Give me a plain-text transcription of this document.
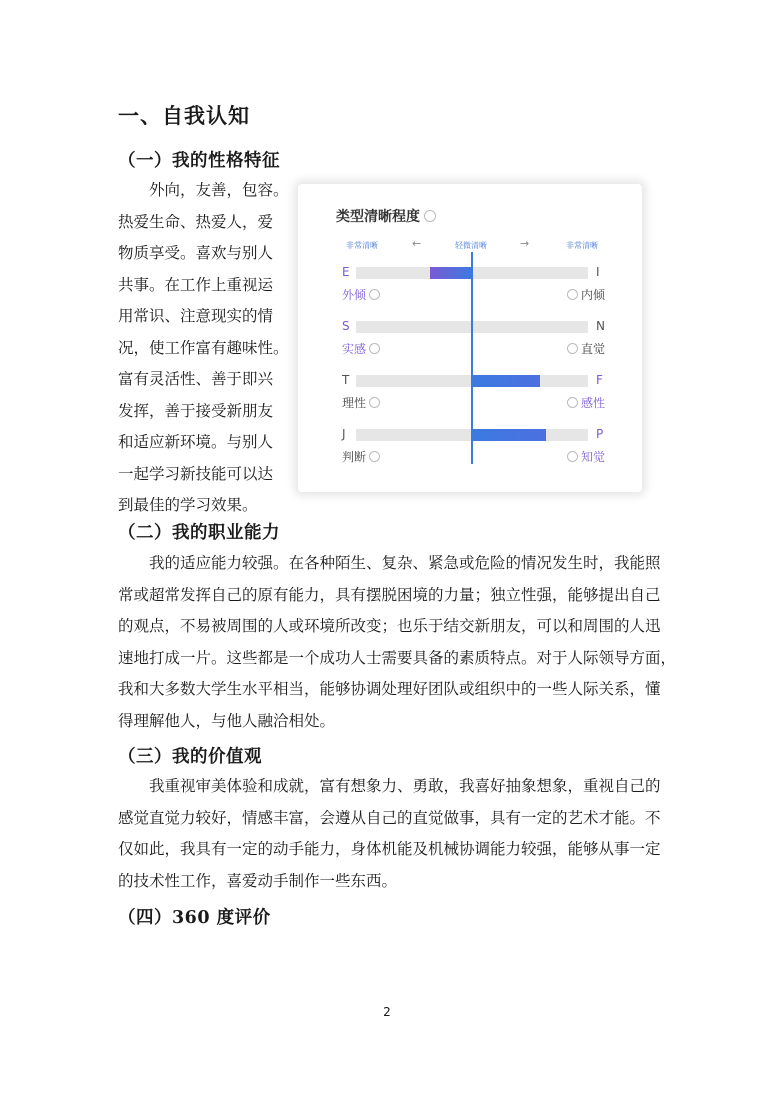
一、自我认知
（一）我的性格特征
外向，友善，包容。
热爱生命、热爱人，爱
物质享受。喜欢与别人
共事。在工作上重视运
用常识、注意现实的情
况，使工作富有趣味性。
富有灵活性、善于即兴
发挥，善于接受新朋友
和适应新环境。与别人
一起学习新技能可以达
到最佳的学习效果。
类型清晰程度
非常清晰	←	轻微清晰	→	非常清晰
E	I
外倾	内倾
S	N
实感	直觉
T	F
理性	感性
J	P
判断	知觉
（二）我的职业能力
我的适应能力较强。在各种陌生、复杂、紧急或危险的情况发生时，我能照
常或超常发挥自己的原有能力，具有摆脱困境的力量；独立性强，能够提出自己
的观点，不易被周围的人或环境所改变；也乐于结交新朋友，可以和周围的人迅
速地打成一片。这些都是一个成功人士需要具备的素质特点。对于人际领导方面，
我和大多数大学生水平相当，能够协调处理好团队或组织中的一些人际关系，懂
得理解他人，与他人融洽相处。
（三）我的价值观
我重视审美体验和成就，富有想象力、勇敢，我喜好抽象想象，重视自己的
感觉直觉力较好，情感丰富，会遵从自己的直觉做事，具有一定的艺术才能。不
仅如此，我具有一定的动手能力，身体机能及机械协调能力较强，能够从事一定
的技术性工作，喜爱动手制作一些东西。
（四）360 度评价
2
